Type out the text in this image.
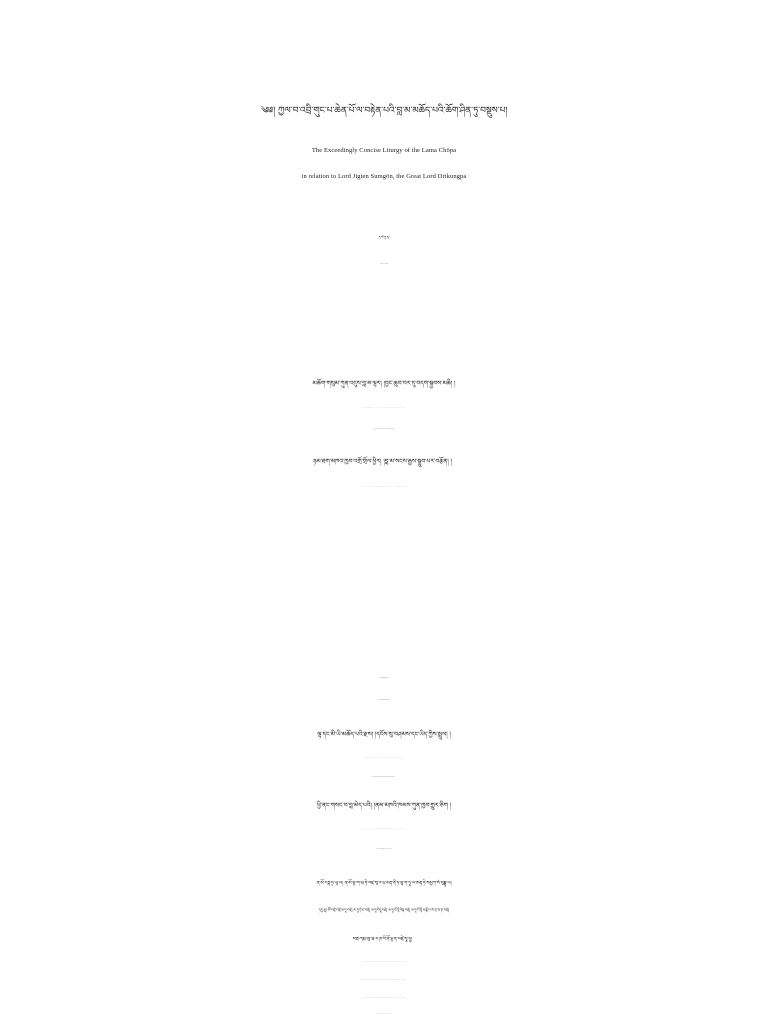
༄༅། ཀྱལ་བ་འབྲི་གུང་པ་ཆེན་པོ་ལ་བརྟེན་པའི་བླ་མ་མཆོད་པའི་ཆོག་ཤིན་ཏུ་བསྡུས་པ།
The Exceedingly Concise Liturgy of the Lama Chöpa
in relation to Lord Jigten Sumgön, the Great Lord Drikungpa
ན་མོ་གུ་རུ།
Homage to the guru!
མཆོག་གསུམ་ཀུན་འདུས་བླ་མ་ལྷར། །བྱང་ཆུབ་བར་དུ་བདག་སྐྱབས་མཆི། །
ཉམ་ཐག་མཁའ་ཁྱབ་འགྲོ་གྲོལ་ཕྱིར། །བླ་མ་སངས་རྒྱས་སྒྲུབ་པར་བརྩོན། །
1
མཆོད་པ་བྱིན་རླབས་ནི།
Consecrating the Offerings
ལྷ་དང་མི་ཡི་མཆོད་པའི་རྫས། །དངོས་སུ་བཤམས་དང་ཡིད་ཀྱིས་སྤྲུལ། །
ཕྱི་ནང་གསང་བ་བླ་མེད་པའི། །ནམ་མཁའི་ཁམས་ཀུན་ཁྱབ་གྱུར་ཅིག །
ན་མོ་རཏྣ་ཏྲ་ཡཱ་ཡ། ན་མོ་བྷ་ག་ཝ་ཏེ་བཛྲ་སཱ་ར་པྲ་མརྡ་ནི་ཏ་ཐཱ་ག་ཏཱ་ཡ་ཨརྷ་ཏེ་སམྱཀ་སཾ་བུདྡྷཱ་ཡ།
ཏདྱ་ཐཱ། ཨོཾ་བཛྲེ་བཛྲེ་མ་ཧཱ་བཛྲེ། མ་ཧཱ་ཏེ་ཛ་བཛྲེ། མ་ཧཱ་བིདྱཱ་བཛྲེ། མ་ཧཱ་བོ་དྷི་ཙིཏྟ་བཛྲེ། མ་ཧཱ་བོ་དྷི་མཎྜོ་པ་སཾ་ཀྲ་མ་ཎ་བཛྲེ།
སརྦ་ཀརྨ་ཨཱ་ཝ་ར་ཎ་བི་ཤོ་དྷ་ན་བཛྲེ་སྭཱ་ཧཱ།
